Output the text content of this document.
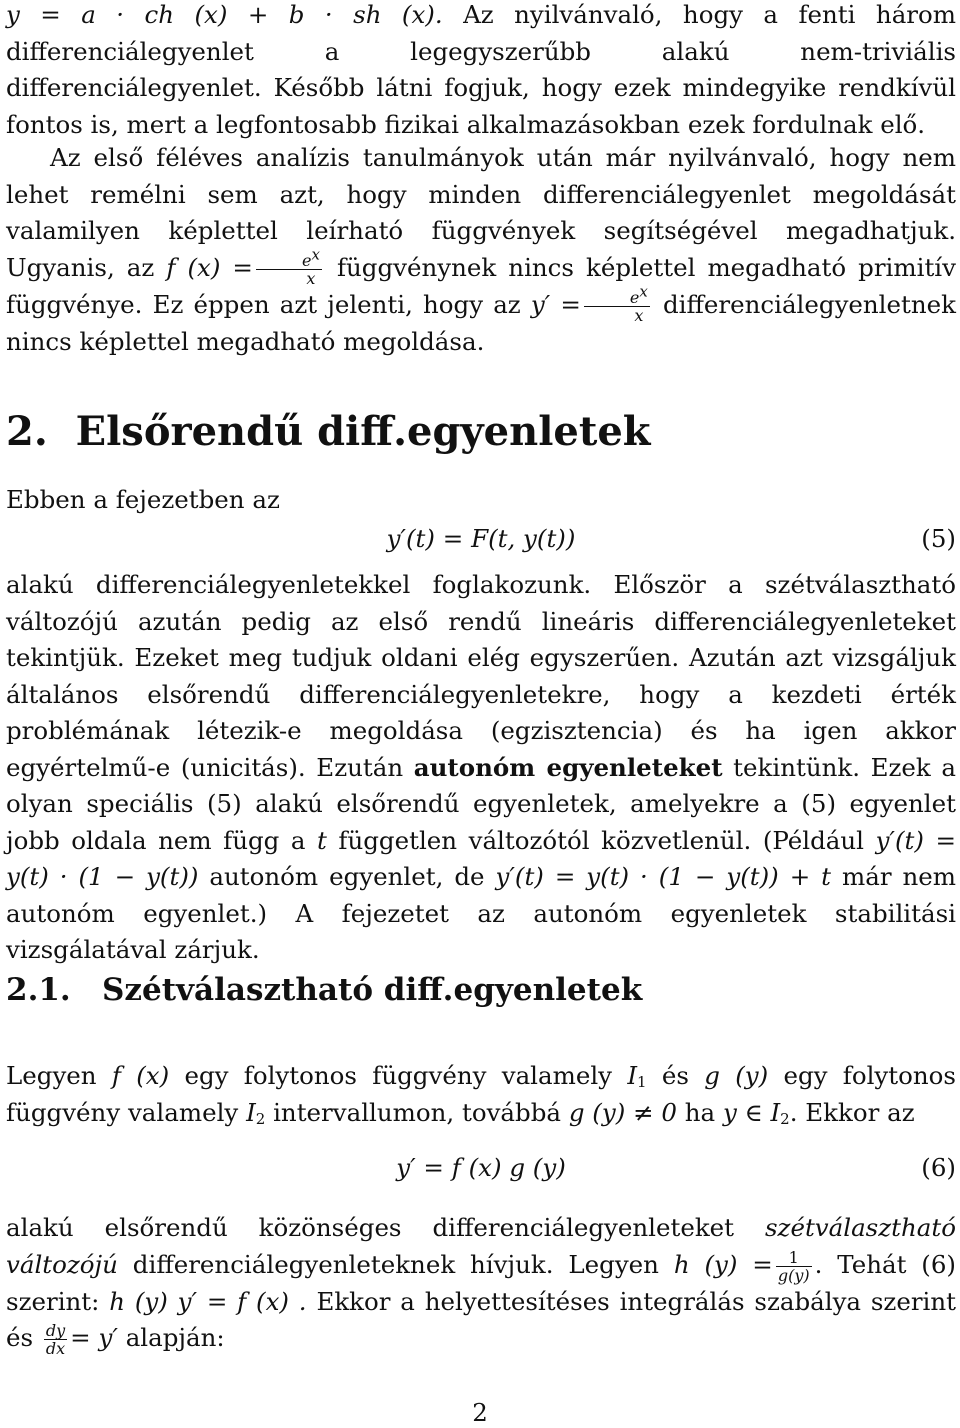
y = a · ch (x) + b · sh (x). Az nyilvánvaló, hogy a fenti három differenciálegyenlet a legegyszerűbb alakú nem-triviális differenciálegyenlet. Később látni fogjuk, hogy ezek mindegyike rendkívül fontos is, mert a legfontosabb fizikai alkalmazásokban ezek fordulnak elő.

Az első féléves analízis tanulmányok után már nyilvánvaló, hogy nem lehet remélni sem azt, hogy minden differenciálegyenlet megoldását valamilyen képlettel leírható függvények segítségével megadhatjuk. Ugyanis, az f $(x) = \frac{e^x}{x}$ függvénynek nincs képlettel megadható primitív függvénye. Ez éppen azt jelenti, hogy az $y' = \frac{e^x}{x}$ differenciálegyenletnek nincs képlettel megadható megoldása.

2. Elsőrendű diff.egyenletek

Ebben a fejezetben az

y′(t) = F(t, y(t))	(5)

alakú differenciálegyenletekkel foglakozunk. Először a szétválasztható változójú azután pedig az első rendű lineáris differenciálegyenleteket tekintjük. Ezeket meg tudjuk oldani elég egyszerűen. Azután azt vizsgáljuk általános elsőrendű differenciálegyenletekre, hogy a kezdeti érték problémának létezik-e megoldása (egzisztencia) és ha igen akkor egyértelmű-e (unicitás). Ezután autonóm egyenleteket tekintünk. Ezek a olyan speciális (5) alakú elsőrendű egyenletek, amelyekre a (5) egyenlet jobb oldala nem függ a t független változótól közvetlenül. (Például y′(t) = y(t) · (1 − y(t)) autonóm egyenlet, de y′(t) = y(t) · (1 − y(t)) + t már nem autonóm egyenlet.) A fejezetet az autonóm egyenletek stabilitási vizsgálatával zárjuk.

2.1. Szétválasztható diff.egyenletek

Legyen f (x) egy folytonos függvény valamely $I_1$ és g (y) egy folytonos függvény valamely $I_2$ intervallumon, továbbá g (y) ≠ 0 ha y ∈ $I_2$. Ekkor az

y′ = f (x) g (y)	(6)

alakú elsőrendű közönséges differenciálegyenleteket szétválasztható változójú differenciálegyenleteknek hívjuk. Legyen h $(y) = \frac{1}{g(y)}$ . Tehát (6) szerint: h (y) y′ = f (x) . Ekkor a helyettesítéses integrálás szabálya szerint és $\frac{dy}{dx} = y'$ alapján:

2
